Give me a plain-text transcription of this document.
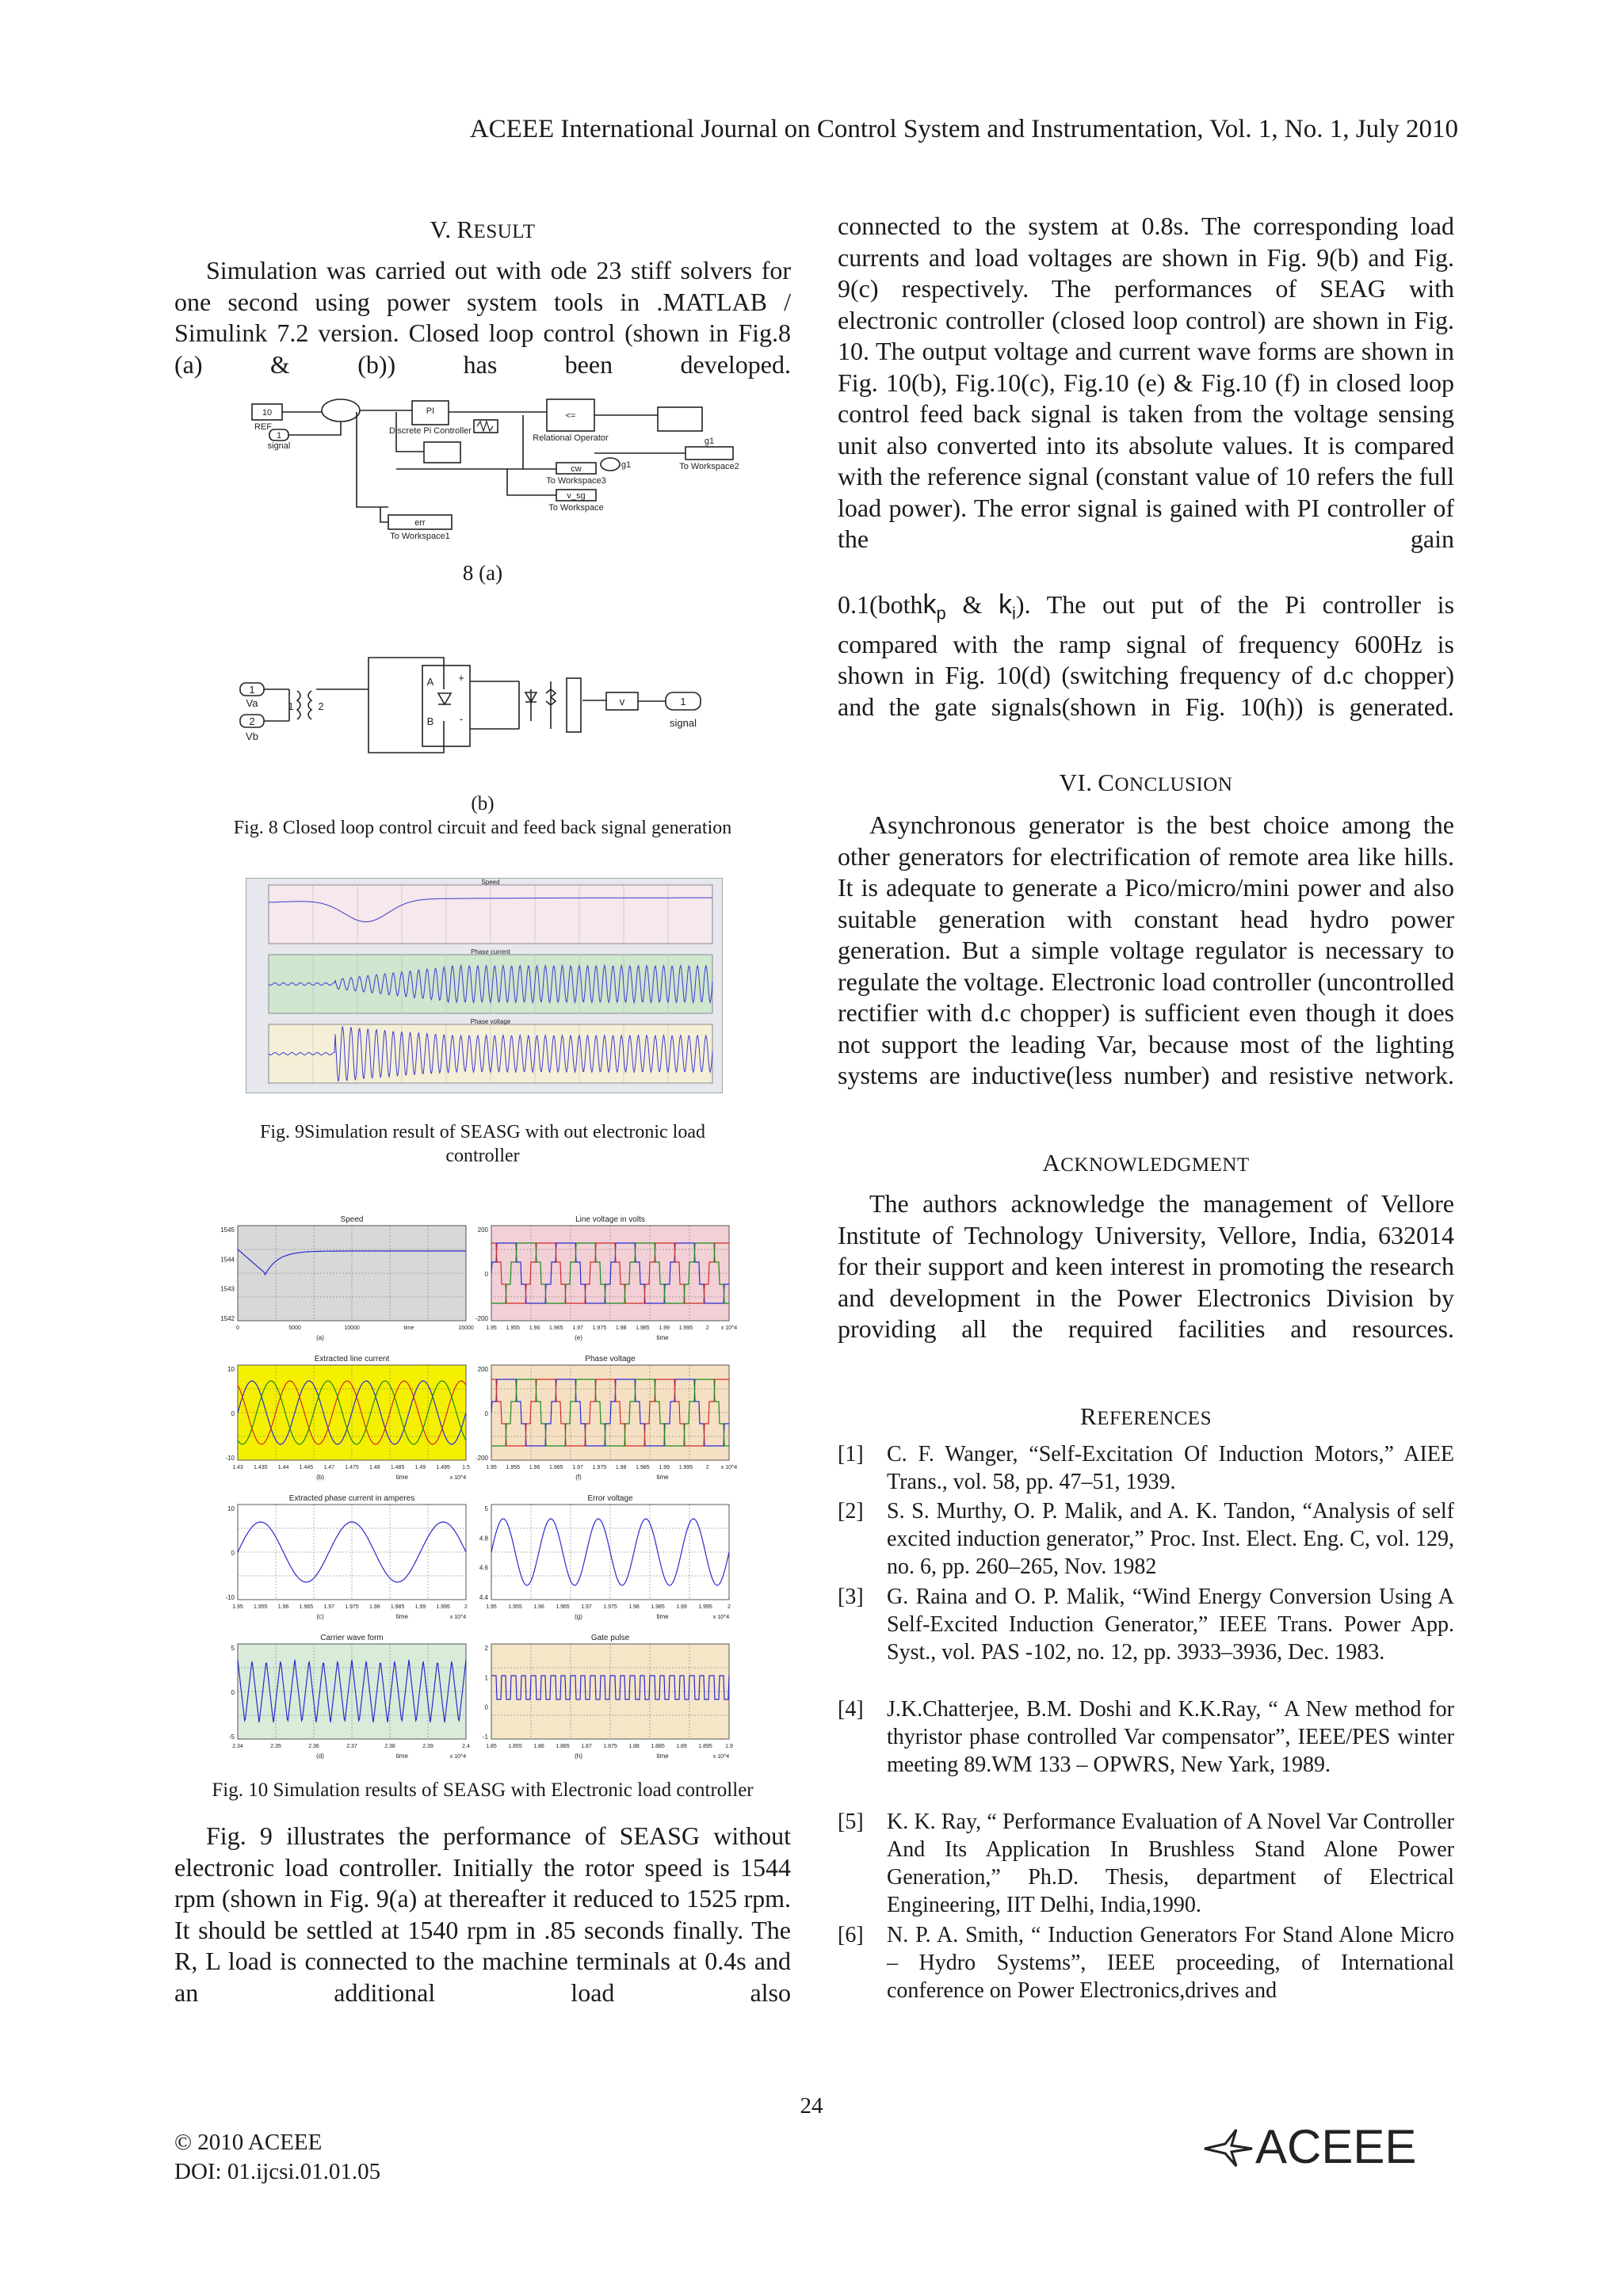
ACEEE International Journal on Control System and Instrumentation, Vol. 1, No. 1, July 2010
V. RESULT

Simulation was carried out with ode 23 stiff solvers for one second using power system tools in .MATLAB / Simulink 7.2 version. Closed loop control (shown in Fig.8 (a) & (b)) has been developed.

10
REF
1
signal
PI
Discrete Pi Controller
<=
Relational Operator	g1
To Workspace2
cw
To Workspace3
v_sg
To Workspace
err
To Workspace1
g1
8 (a)
1
Va
2
Vb
1 2
A
B
+
-
v	1
signal
(b)
Fig. 8 Closed loop control circuit and feed back signal generation
Speed
Phase current
Phase voltage
Fig. 9Simulation result of SEASG with out electronic load
controller
Speed
1545
1544
1543
1542
0	5000	10000	time	15000
(a)
Line voltage in volts
200
0
-200
1.95 1.955 1.96 1.965 1.97 1.975 1.98 1.985 1.99 1.995 2 x 10^4
(e)	time
Extracted line current
10
0
-10
1.43 1.435 1.44 1.445 1.47 1.475 1.48 1.485 1.49 1.495 1.5
(b)	time	x 10^4
Phase voltage
200
0
-200
1.95 1.955 1.96 1.965 1.97 1.975 1.98 1.985 1.99 1.995 2 x 10^4
(f)	time
Extracted phase current in amperes
10
0
-10
1.95 1.955 1.96 1.965 1.97 1.975 1.98 1.985 1.99 1.995	2
(c)	time	x 10^4
Error voltage
5
4.8
4.6
4.4
1.95 1.955 1.96 1.965 1.97 1.975 1.98 1.985 1.99 1.995	2
(g)	time	x 10^4
Carrier wave form
5
0
-5
2.34	2.35	2.36	2.37	2.38	2.39	2.4
(d)	time	x 10^4
Gate pulse
2
1
0
-1
1.85 1.855 1.86 1.865 1.87 1.875 1.88 1.885 1.89 1.895 1.9
(h)	time	x 10^4
Fig. 10 Simulation results of SEASG with Electronic load controller

Fig. 9 illustrates the performance of SEASG without electronic load controller. Initially the rotor speed is 1544 rpm (shown in Fig. 9(a) at thereafter it reduced to 1525 rpm. It should be settled at 1540 rpm in .85 seconds finally. The R, L load is connected to the machine terminals at 0.4s and an additional load also

connected to the system at 0.8s. The corresponding load currents and load voltages are shown in Fig. 9(b) and Fig. 9(c) respectively. The performances of SEAG with electronic controller (closed loop control) are shown in Fig. 10. The output voltage and current wave forms are shown in Fig. 10(b), Fig.10(c), Fig.10 (e) & Fig.10 (f) in closed loop control feed back signal is taken from the voltage sensing unit also converted into its absolute values. It is compared with the reference signal (constant value of 10 refers the full load power). The error signal is gained with PI controller of the gain

0.1(bothk$_p$ & $k_i$). The out put of the Pi controller is compared with the ramp signal of frequency 600Hz is shown in Fig. 10(d) (switching frequency of d.c chopper) and the gate signals(shown in Fig. 10(h)) is generated.

VI. CONCLUSION

Asynchronous generator is the best choice among the other generators for electrification of remote area like hills. It is adequate to generate a Pico/micro/mini power and also suitable generation with constant head hydro power generation. But a simple voltage regulator is necessary to regulate the voltage. Electronic load controller (uncontrolled rectifier with d.c chopper) is sufficient even though it does not support the leading Var, because most of the lighting systems are inductive(less number) and resistive network.

ACKNOWLEDGMENT

The authors acknowledge the management of Vellore Institute of Technology University, Vellore, India, 632014 for their support and keen interest in promoting the research and development in the Power Electronics Division by providing all the required facilities and resources.

REFERENCES
[1] C. F. Wanger, “Self-Excitation Of Induction Motors,” AIEE Trans., vol. 58, pp. 47–51, 1939.
[2] S. S. Murthy, O. P. Malik, and A. K. Tandon, “Analysis of self excited induction generator,” Proc. Inst. Elect. Eng. C, vol. 129, no. 6, pp. 260–265, Nov. 1982
[3] G. Raina and O. P. Malik, “Wind Energy Conversion Using A Self-Excited Induction Generator,” IEEE Trans. Power App. Syst., vol. PAS -102, no. 12, pp. 3933–3936, Dec. 1983.
[4] J.K.Chatterjee, B.M. Doshi and K.K.Ray, “ A New method for thyristor phase controlled Var compensator”, IEEE/PES winter meeting 89.WM 133 – OPWRS, New Yark, 1989.
[5] K. K. Ray, “ Performance Evaluation of A Novel Var Controller And Its Application In Brushless Stand Alone Power Generation,” Ph.D. Thesis, department of Electrical Engineering, IIT Delhi, India,1990.
[6] N. P. A. Smith, “ Induction Generators For Stand Alone Micro – Hydro Systems”, IEEE proceeding, of International conference on Power Electronics,drives and
24
© 2010 ACEEE
DOI: 01.ijcsi.01.01.05	ACEEE
